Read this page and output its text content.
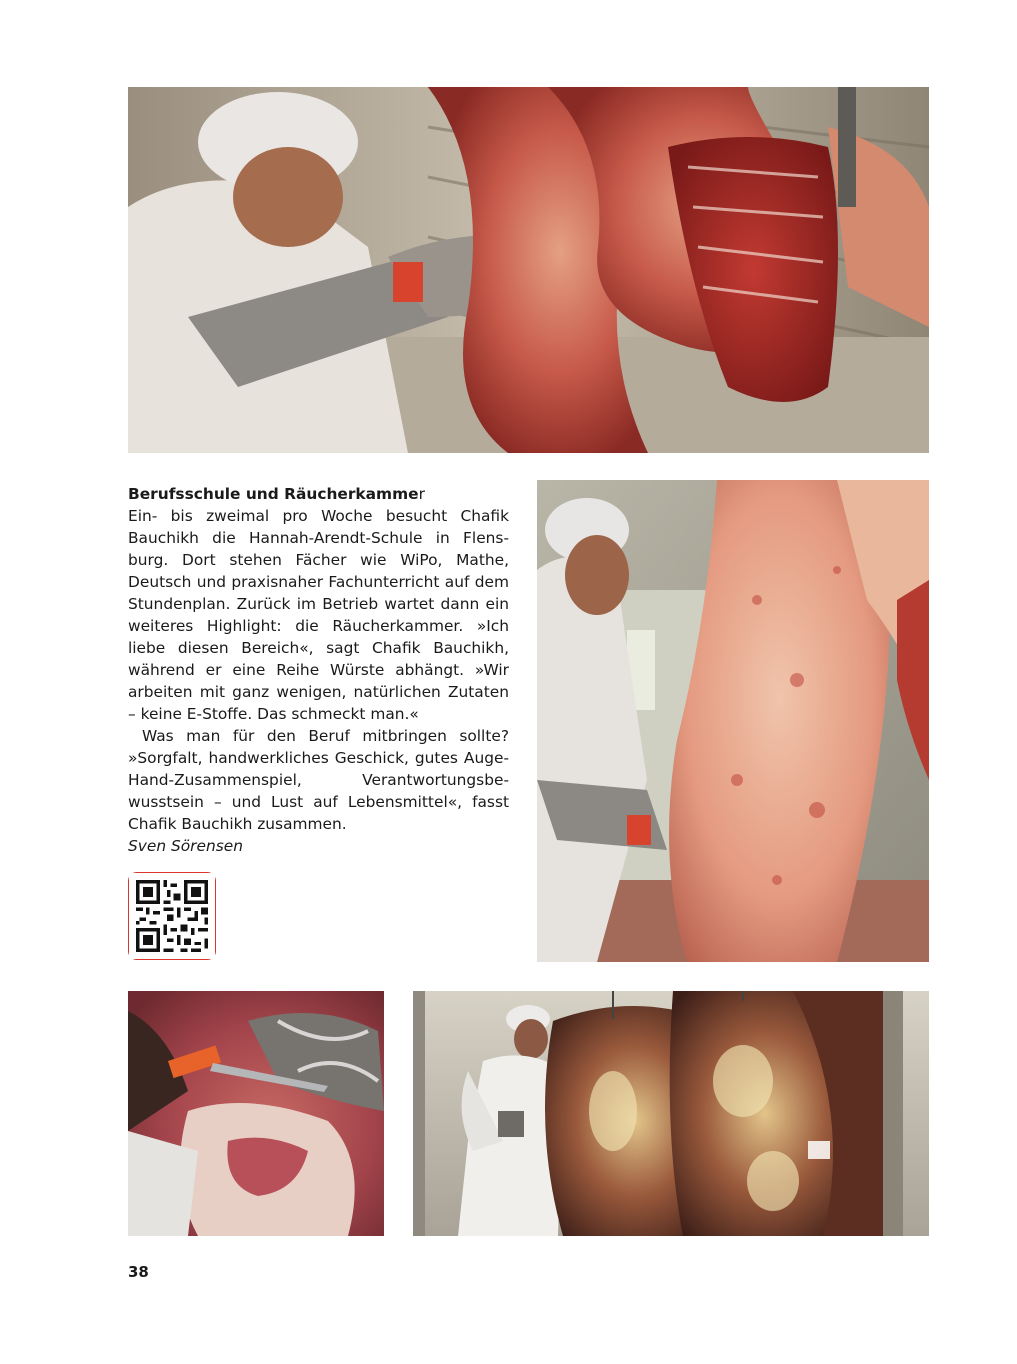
Berufsschule und Räucherkammer

Ein- bis zweimal pro Woche besucht Chafik Bauchikh die Hannah-Arendt-Schule in Flensburg. Dort stehen Fächer wie WiPo, Mathe, Deutsch und praxisnaher Fachunterricht auf dem Stundenplan. Zurück im Betrieb wartet dann ein weiteres Highlight: die Räucherkammer. »Ich liebe diesen Bereich«, sagt Chafik Bauchikh, während er eine Reihe Würste abhängt. »Wir arbeiten mit ganz wenigen, natürlichen Zutaten – keine E-Stoffe. Das schmeckt man.«

Was man für den Beruf mitbringen sollte? »Sorgfalt, handwerkliches Geschick, gutes Auge-Hand-Zusammenspiel, Verantwortungsbewusstsein – und Lust auf Lebensmittel«, fasst Chafik Bauchikh zusammen.

Sven Sörensen

38
